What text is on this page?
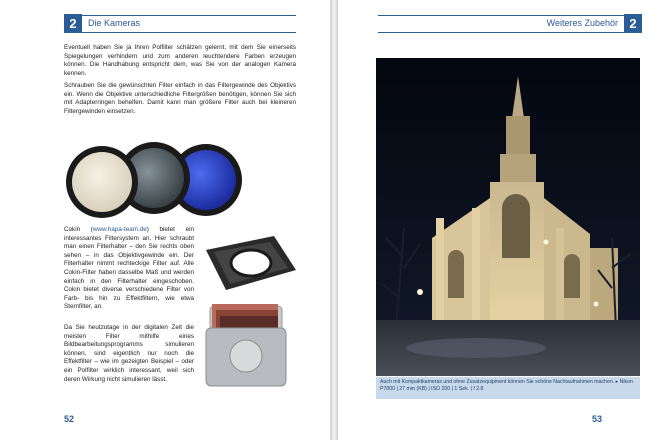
2	Die Kameras

Eventuell haben Sie ja Ihren Polfilter schätzen gelernt, mit dem Sie einerseits Spiegelungen verhindern und zum anderen leuchtendere Farben erzeugen können. Die Handhabung entspricht dem, was Sie von der analogen Kamera kennen.

Schrauben Sie die gewünschten Filter einfach in das Filtergewinde des Objektivs ein. Wenn die Objektive unterschiedliche Filtergrößen benötigen, können Sie sich mit Adapterringen behelfen. Damit kann man größere Filter auch bei kleineren Filtergewinden einsetzen.

Cokin (www.hapa-team.de) bietet ein interessantes Filtersystem an. Hier schraubt man einen Filterhalter – den Sie rechts oben sehen – in das Objektivgewinde ein. Der Filterhalter nimmt rechteckige Filter auf. Alle Cokin-Filter haben dasselbe Maß und werden einfach in den Filterhalter eingeschoben. Cokin bietet diverse verschiedene Filter von Farb- bis hin zu Effektfiltern, wie etwa Sternfilter, an.

Da Sie heutzutage in der digitalen Zeit die meisten Filter mithilfe eines Bildbearbeitungsprogramms simulieren können, sind eigentlich nur noch die Effektfilter – wie im gezeigten Beispiel – oder ein Polfilter wirklich interessant, weil sich deren Wirkung nicht simulieren lässt.

52
Weiteres Zubehör 2
Auch mit Kompaktkameras und ohne Zusatzequipment können Sie schöne Nachtaufnahmen machen. ▸ Nikon P7000 | 27 mm (KB) | ISO 200 | 1 Sek. | f 2.8
53
